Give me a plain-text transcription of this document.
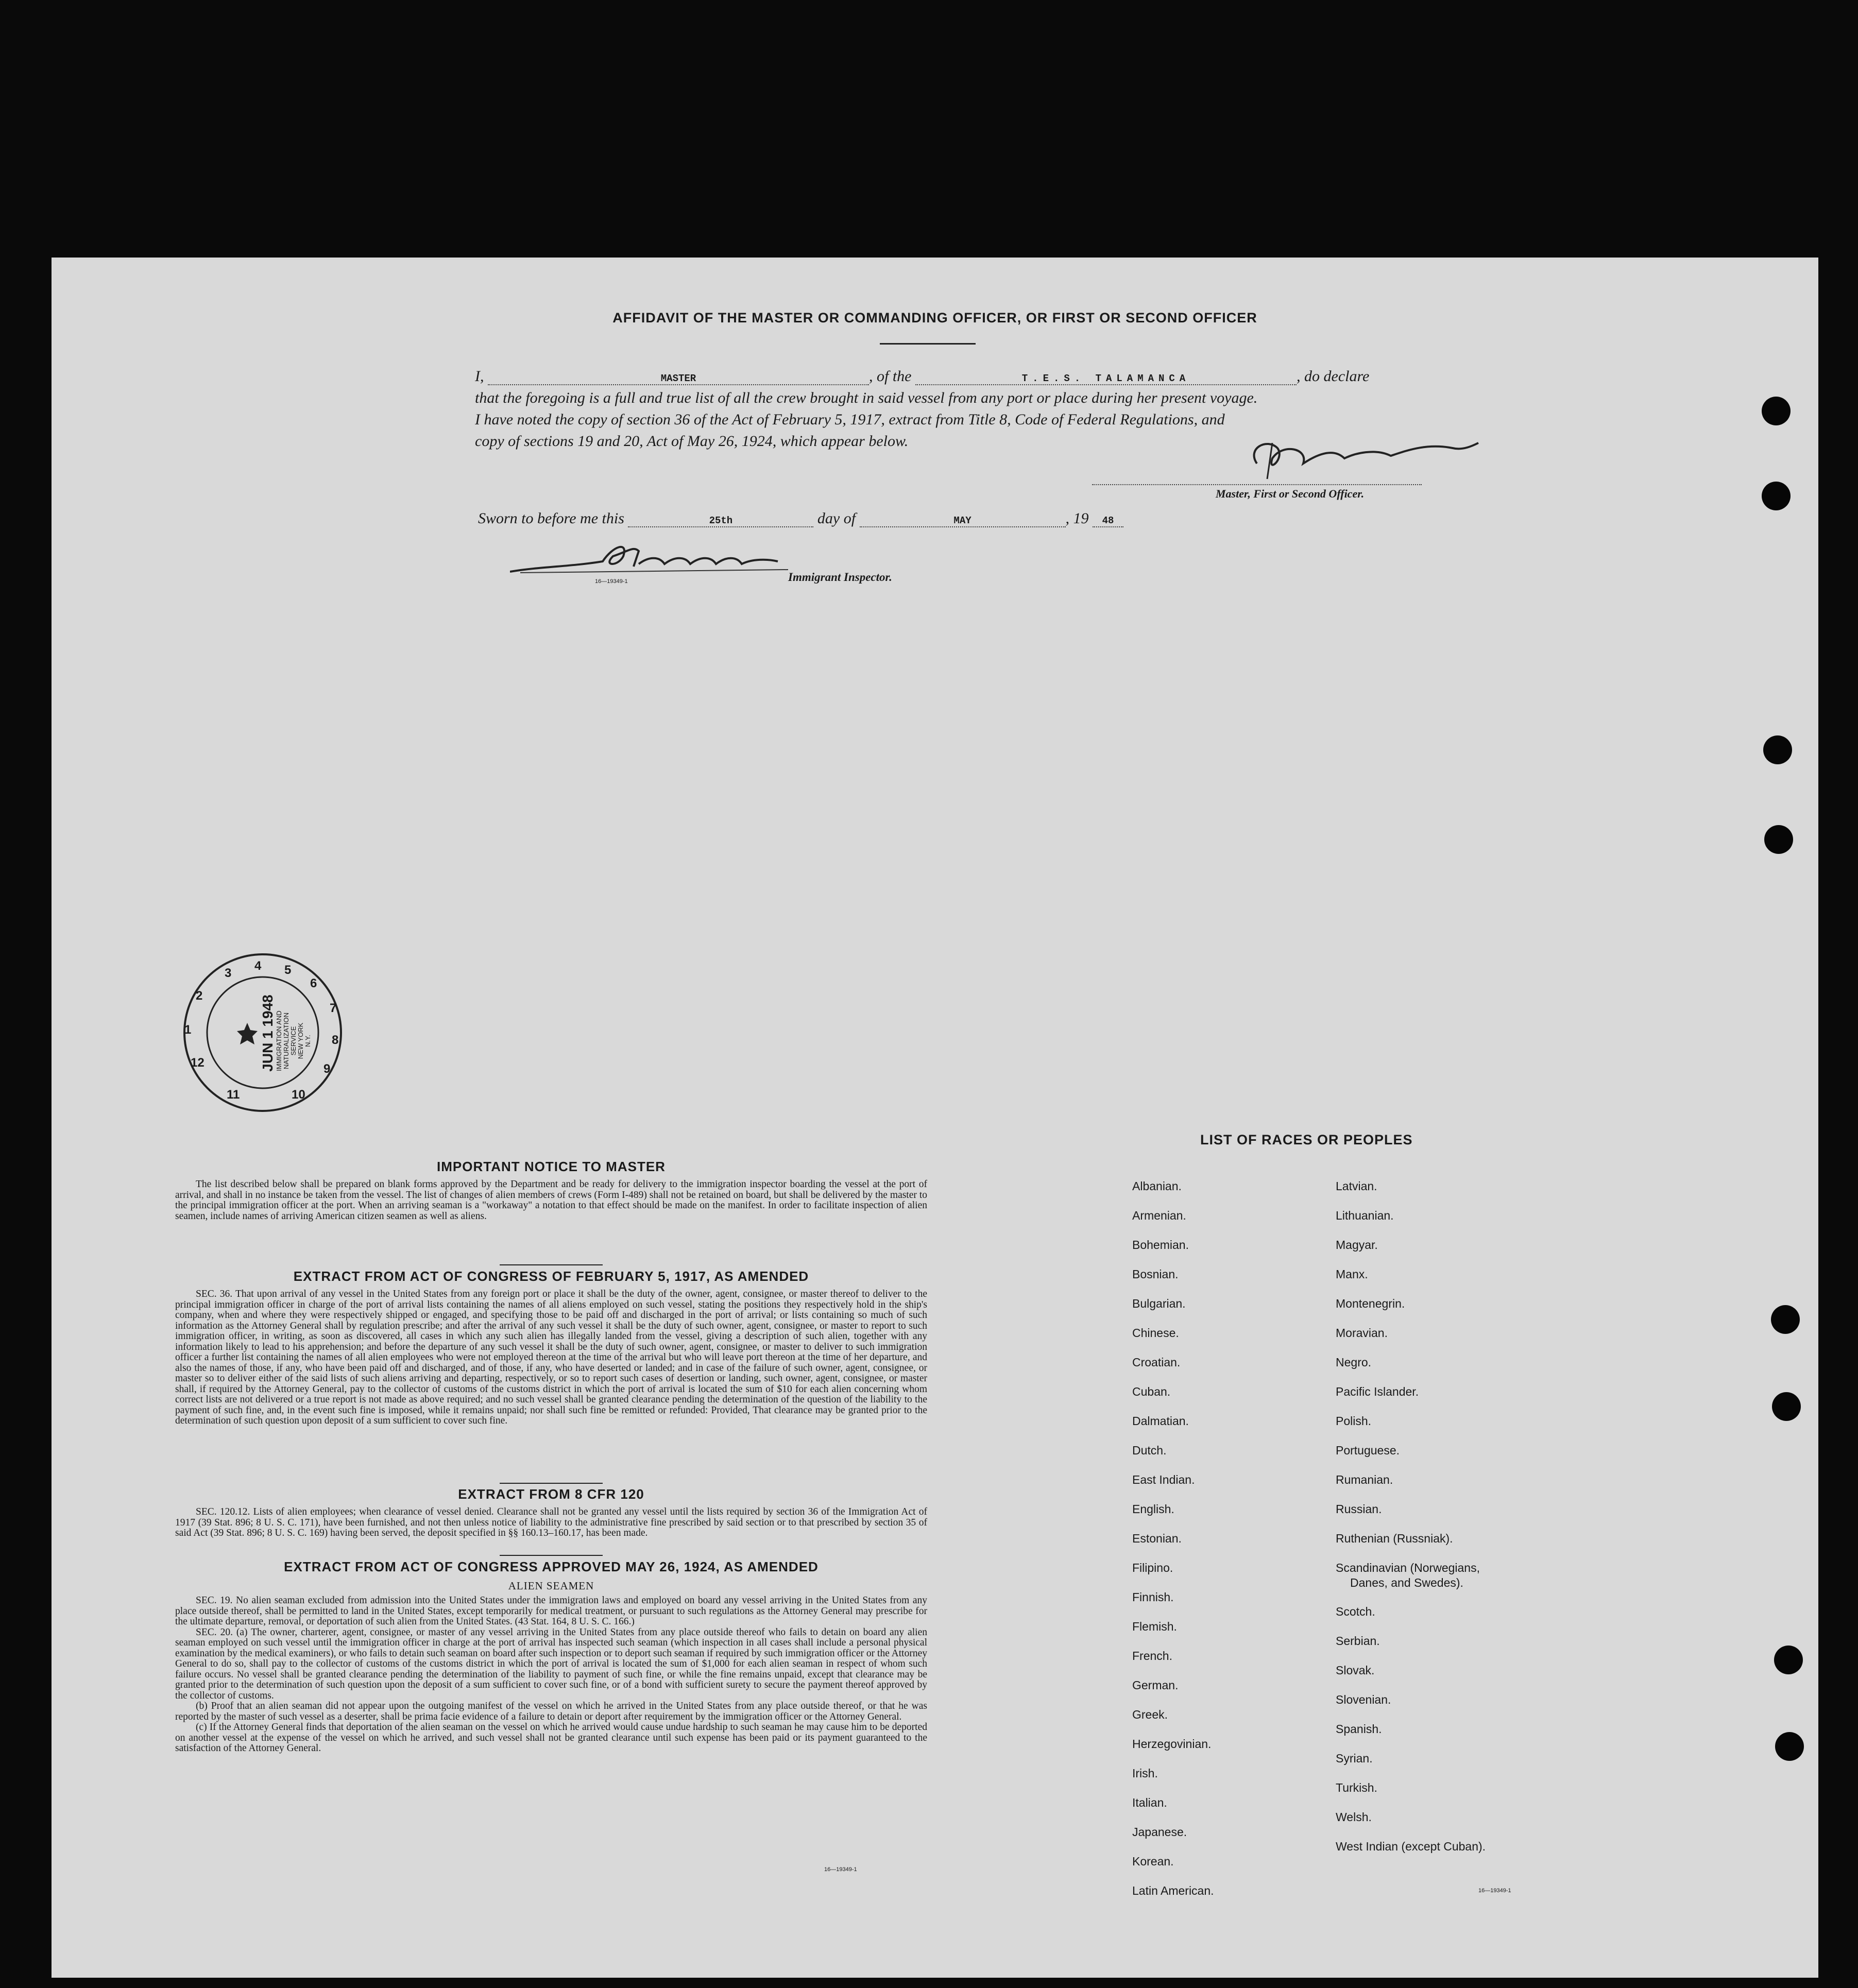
AFFIDAVIT OF THE MASTER OR COMMANDING OFFICER, OR FIRST OR SECOND OFFICER
I,	MASTER	, of the	T.E.S. TALAMANCA	, do declare
that the foregoing is a full and true list of all the crew brought in said vessel from any port or place during her present voyage.
I have noted the copy of section 36 of the Act of February 5, 1917, extract from Title 8, Code of Federal Regulations, and
copy of sections 19 and 20, Act of May 26, 1924, which appear below.
Master, First or Second Officer.
Sworn to before me this	25th	day of	MAY	, 19 48
16—19349-1	Immigrant Inspector.
5
6
7
8
9
10
11
12
1
2
3
4
JUN 1 1948 IMMIGRATION AND NATURALIZATION SERVICE NEW YORK N.Y.
IMPORTANT NOTICE TO MASTER
The list described below shall be prepared on blank forms approved by the Department and be ready for delivery to the immigration inspector boarding the vessel at the port of arrival, and shall in no instance be taken from the vessel. The list of changes of alien members of crews (Form I-489) shall not be retained on board, but shall be delivered by the master to the principal immigration officer at the port. When an arriving seaman is a "workaway" a notation to that effect should be made on the manifest. In order to facilitate inspection of alien seamen, include names of arriving American citizen seamen as well as aliens.
EXTRACT FROM ACT OF CONGRESS OF FEBRUARY 5, 1917, AS AMENDED
SEC. 36. That upon arrival of any vessel in the United States from any foreign port or place it shall be the duty of the owner, agent, consignee, or master thereof to deliver to the principal immigration officer in charge of the port of arrival lists containing the names of all aliens employed on such vessel, stating the positions they respectively hold in the ship's company, when and where they were respectively shipped or engaged, and specifying those to be paid off and discharged in the port of arrival; or lists containing so much of such information as the Attorney General shall by regulation prescribe; and after the arrival of any such vessel it shall be the duty of such owner, agent, consignee, or master to report to such immigration officer, in writing, as soon as discovered, all cases in which any such alien has illegally landed from the vessel, giving a description of such alien, together with any information likely to lead to his apprehension; and before the departure of any such vessel it shall be the duty of such owner, agent, consignee, or master to deliver to such immigration officer a further list containing the names of all alien employees who were not employed thereon at the time of the arrival but who will leave port thereon at the time of her departure, and also the names of those, if any, who have been paid off and discharged, and of those, if any, who have deserted or landed; and in case of the failure of such owner, agent, consignee, or master so to deliver either of the said lists of such aliens arriving and departing, respectively, or so to report such cases of desertion or landing, such owner, agent, consignee, or master shall, if required by the Attorney General, pay to the collector of customs of the customs district in which the port of arrival is located the sum of $10 for each alien concerning whom correct lists are not delivered or a true report is not made as above required; and no such vessel shall be granted clearance pending the determination of the question of the liability to the payment of such fine, and, in the event such fine is imposed, while it remains unpaid; nor shall such fine be remitted or refunded: Provided, That clearance may be granted prior to the determination of such question upon deposit of a sum sufficient to cover such fine.
EXTRACT FROM 8 CFR 120
SEC. 120.12. Lists of alien employees; when clearance of vessel denied. Clearance shall not be granted any vessel until the lists required by section 36 of the Immigration Act of 1917 (39 Stat. 896; 8 U. S. C. 171), have been furnished, and not then unless notice of liability to the administrative fine prescribed by said section or to that prescribed by section 35 of said Act (39 Stat. 896; 8 U. S. C. 169) having been served, the deposit specified in §§ 160.13–160.17, has been made.
EXTRACT FROM ACT OF CONGRESS APPROVED MAY 26, 1924, AS AMENDED
ALIEN SEAMEN
SEC. 19. No alien seaman excluded from admission into the United States under the immigration laws and employed on board any vessel arriving in the United States from any place outside thereof, shall be permitted to land in the United States, except temporarily for medical treatment, or pursuant to such regulations as the Attorney General may prescribe for the ultimate departure, removal, or deportation of such alien from the United States. (43 Stat. 164, 8 U. S. C. 166.)
SEC. 20. (a) The owner, charterer, agent, consignee, or master of any vessel arriving in the United States from any place outside thereof who fails to detain on board any alien seaman employed on such vessel until the immigration officer in charge at the port of arrival has inspected such seaman (which inspection in all cases shall include a personal physical examination by the medical examiners), or who fails to detain such seaman on board after such inspection or to deport such seaman if required by such immigration officer or the Attorney General to do so, shall pay to the collector of customs of the customs district in which the port of arrival is located the sum of $1,000 for each alien seaman in respect of whom such failure occurs. No vessel shall be granted clearance pending the determination of the liability to payment of such fine, or while the fine remains unpaid, except that clearance may be granted prior to the determination of such question upon the deposit of a sum sufficient to cover such fine, or of a bond with sufficient surety to secure the payment thereof approved by the collector of customs.
(b) Proof that an alien seaman did not appear upon the outgoing manifest of the vessel on which he arrived in the United States from any place outside thereof, or that he was reported by the master of such vessel as a deserter, shall be prima facie evidence of a failure to detain or deport after requirement by the immigration officer or the Attorney General.
(c) If the Attorney General finds that deportation of the alien seaman on the vessel on which he arrived would cause undue hardship to such seaman he may cause him to be deported on another vessel at the expense of the vessel on which he arrived, and such vessel shall not be granted clearance until such expense has been paid or its payment guaranteed to the satisfaction of the Attorney General.
16—19349-1
LIST OF RACES OR PEOPLES
Albanian.
Armenian.
Bohemian.
Bosnian.
Bulgarian.
Chinese.
Croatian.
Cuban.
Dalmatian.
Dutch.
East Indian.
English.
Estonian.
Filipino.
Finnish.
Flemish.
French.
German.
Greek.
Herzegovinian.
Irish.
Italian.
Japanese.
Korean.
Latin American.
Latvian.
Lithuanian.
Magyar.
Manx.
Montenegrin.
Moravian.
Negro.
Pacific Islander.
Polish.
Portuguese.
Rumanian.
Russian.
Ruthenian (Russniak).
Scandinavian (Norwegians,
Danes, and Swedes).
Scotch.
Serbian.
Slovak.
Slovenian.
Spanish.
Syrian.
Turkish.
Welsh.
West Indian (except Cuban).
16—19349-1
